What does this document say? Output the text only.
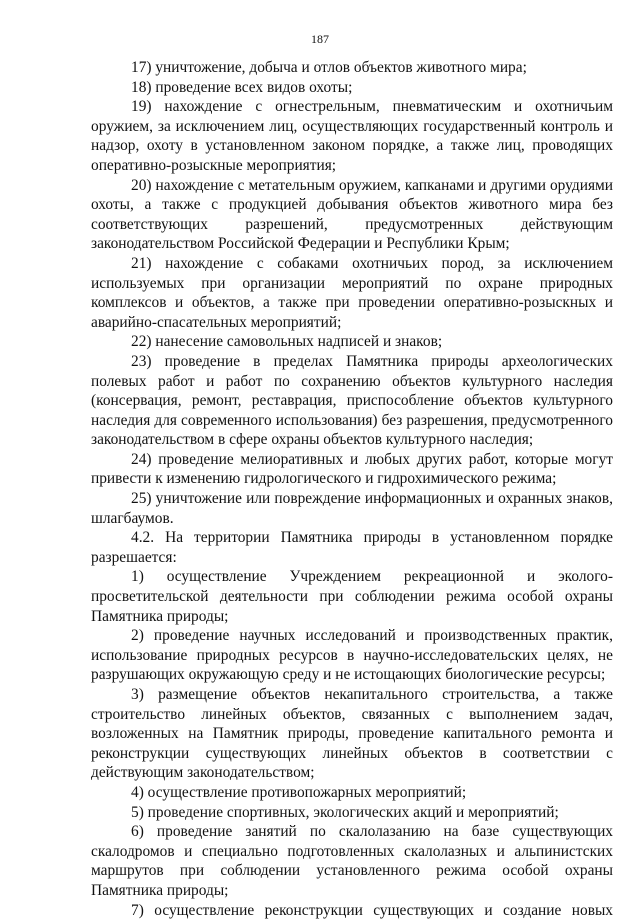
187

17) уничтожение, добыча и отлов объектов животного мира;

18) проведение всех видов охоты;

19) нахождение с огнестрельным, пневматическим и охотничьим оружием, за исключением лиц, осуществляющих государственный контроль и надзор, охоту в установленном законом порядке, а также лиц, проводящих оперативно-розыскные мероприятия;

20) нахождение с метательным оружием, капканами и другими орудиями охоты, а также с продукцией добывания объектов животного мира без соответствующих разрешений, предусмотренных действующим законодательством Российской Федерации и Республики Крым;

21) нахождение с собаками охотничьих пород, за исключением используемых при организации мероприятий по охране природных комплексов и объектов, а также при проведении оперативно-розыскных и аварийно-спасательных мероприятий;

22) нанесение самовольных надписей и знаков;

23) проведение в пределах Памятника природы археологических полевых работ и работ по сохранению объектов культурного наследия (консервация, ремонт, реставрация, приспособление объектов культурного наследия для современного использования) без разрешения, предусмотренного законодательством в сфере охраны объектов культурного наследия;

24) проведение мелиоративных и любых других работ, которые могут привести к изменению гидрологического и гидрохимического режима;

25) уничтожение или повреждение информационных и охранных знаков, шлагбаумов.

4.2. На территории Памятника природы в установленном порядке разрешается:

1) осуществление Учреждением рекреационной и эколого-просветительской деятельности при соблюдении режима особой охраны Памятника природы;

2) проведение научных исследований и производственных практик, использование природных ресурсов в научно-исследовательских целях, не разрушающих окружающую среду и не истощающих биологические ресурсы;

3) размещение объектов некапитального строительства, а также строительство линейных объектов, связанных с выполнением задач, возложенных на Памятник природы, проведение капитального ремонта и реконструкции существующих линейных объектов в соответствии с действующим законодательством;

4) осуществление противопожарных мероприятий;

5) проведение спортивных, экологических акций и мероприятий;

6) проведение занятий по скалолазанию на базе существующих скалодромов и специально подготовленных скалолазных и альпинистских маршрутов при соблюдении установленного режима особой охраны Памятника природы;

7) осуществление реконструкции существующих и создание новых
